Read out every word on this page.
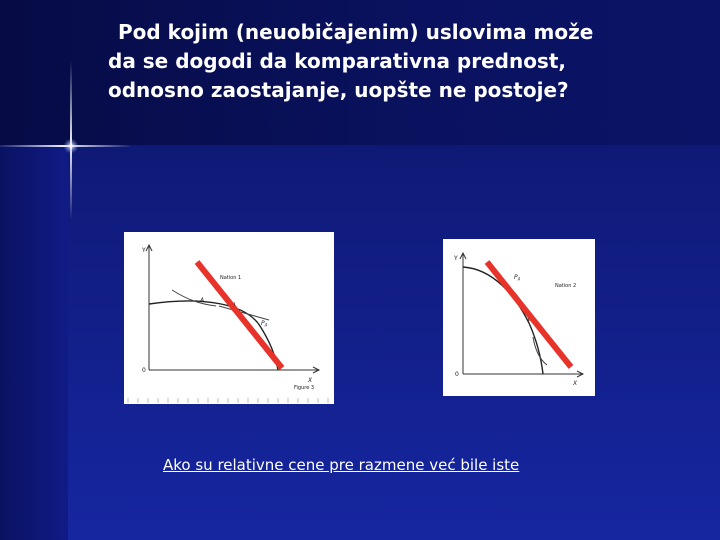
Pod kojim (neuobičajenim) uslovima može
da se dogodi da komparativna prednost,
odnosno zaostajanje, uopšte ne postoje?
Y
X
0
Nation 1
A
I
$P_A$
Figure 3
Y
X
0
Nation 2
$P_A$
Ako su relativne cene pre razmene već bile iste
